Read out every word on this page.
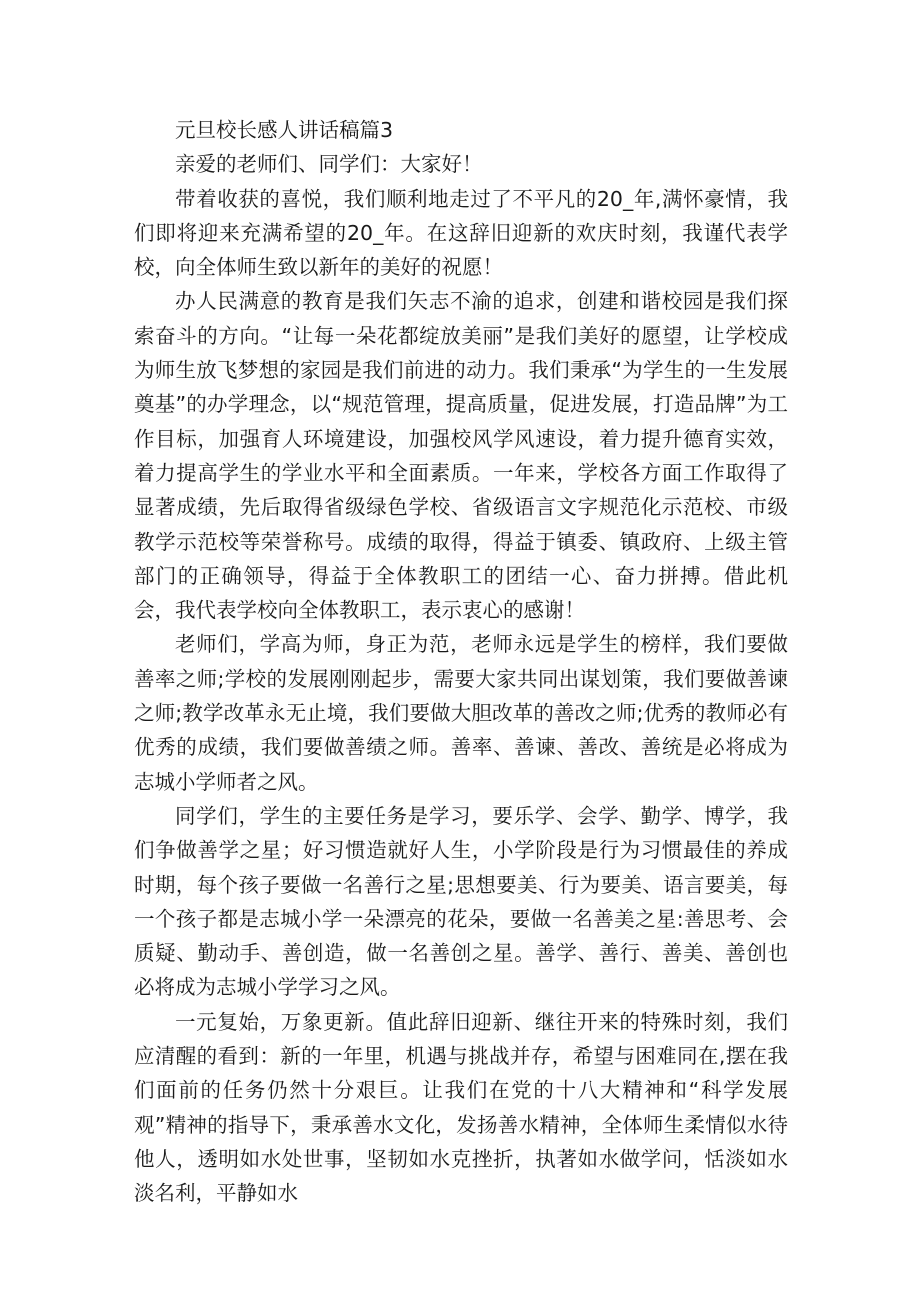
元旦校长感人讲话稿篇3

亲爱的老师们、同学们：大家好！

带着收获的喜悦，我们顺利地走过了不平凡的20_年,满怀豪情，我们即将迎来充满希望的20_年。在这辞旧迎新的欢庆时刻，我谨代表学校，向全体师生致以新年的美好的祝愿！

办人民满意的教育是我们矢志不渝的追求，创建和谐校园是我们探索奋斗的方向。“让每一朵花都绽放美丽”是我们美好的愿望，让学校成为师生放飞梦想的家园是我们前进的动力。我们秉承“为学生的一生发展奠基”的办学理念，以“规范管理，提高质量，促进发展，打造品牌”为工作目标，加强育人环境建设，加强校风学风速设，着力提升德育实效，着力提高学生的学业水平和全面素质。一年来，学校各方面工作取得了显著成绩，先后取得省级绿色学校、省级语言文字规范化示范校、市级教学示范校等荣誉称号。成绩的取得，得益于镇委、镇政府、上级主管部门的正确领导，得益于全体教职工的团结一心、奋力拼搏。借此机会，我代表学校向全体教职工，表示衷心的感谢！

老师们，学高为师，身正为范，老师永远是学生的榜样，我们要做善率之师;学校的发展刚刚起步，需要大家共同出谋划策，我们要做善谏之师;教学改革永无止境，我们要做大胆改革的善改之师;优秀的教师必有优秀的成绩，我们要做善绩之师。善率、善谏、善改、善统是必将成为志城小学师者之风。

同学们，学生的主要任务是学习，要乐学、会学、勤学、博学，我们争做善学之星；好习惯造就好人生，小学阶段是行为习惯最佳的养成时期，每个孩子要做一名善行之星;思想要美、行为要美、语言要美，每一个孩子都是志城小学一朵漂亮的花朵，要做一名善美之星:善思考、会质疑、勤动手、善创造，做一名善创之星。善学、善行、善美、善创也必将成为志城小学学习之风。

一元复始，万象更新。值此辞旧迎新、继往开来的特殊时刻，我们应清醒的看到：新的一年里，机遇与挑战并存，希望与困难同在,摆在我们面前的任务仍然十分艰巨。让我们在党的十八大精神和“科学发展观”精神的指导下，秉承善水文化，发扬善水精神，全体师生柔情似水待他人，透明如水处世事，坚韧如水克挫折，执著如水做学问，恬淡如水淡名利，平静如水
